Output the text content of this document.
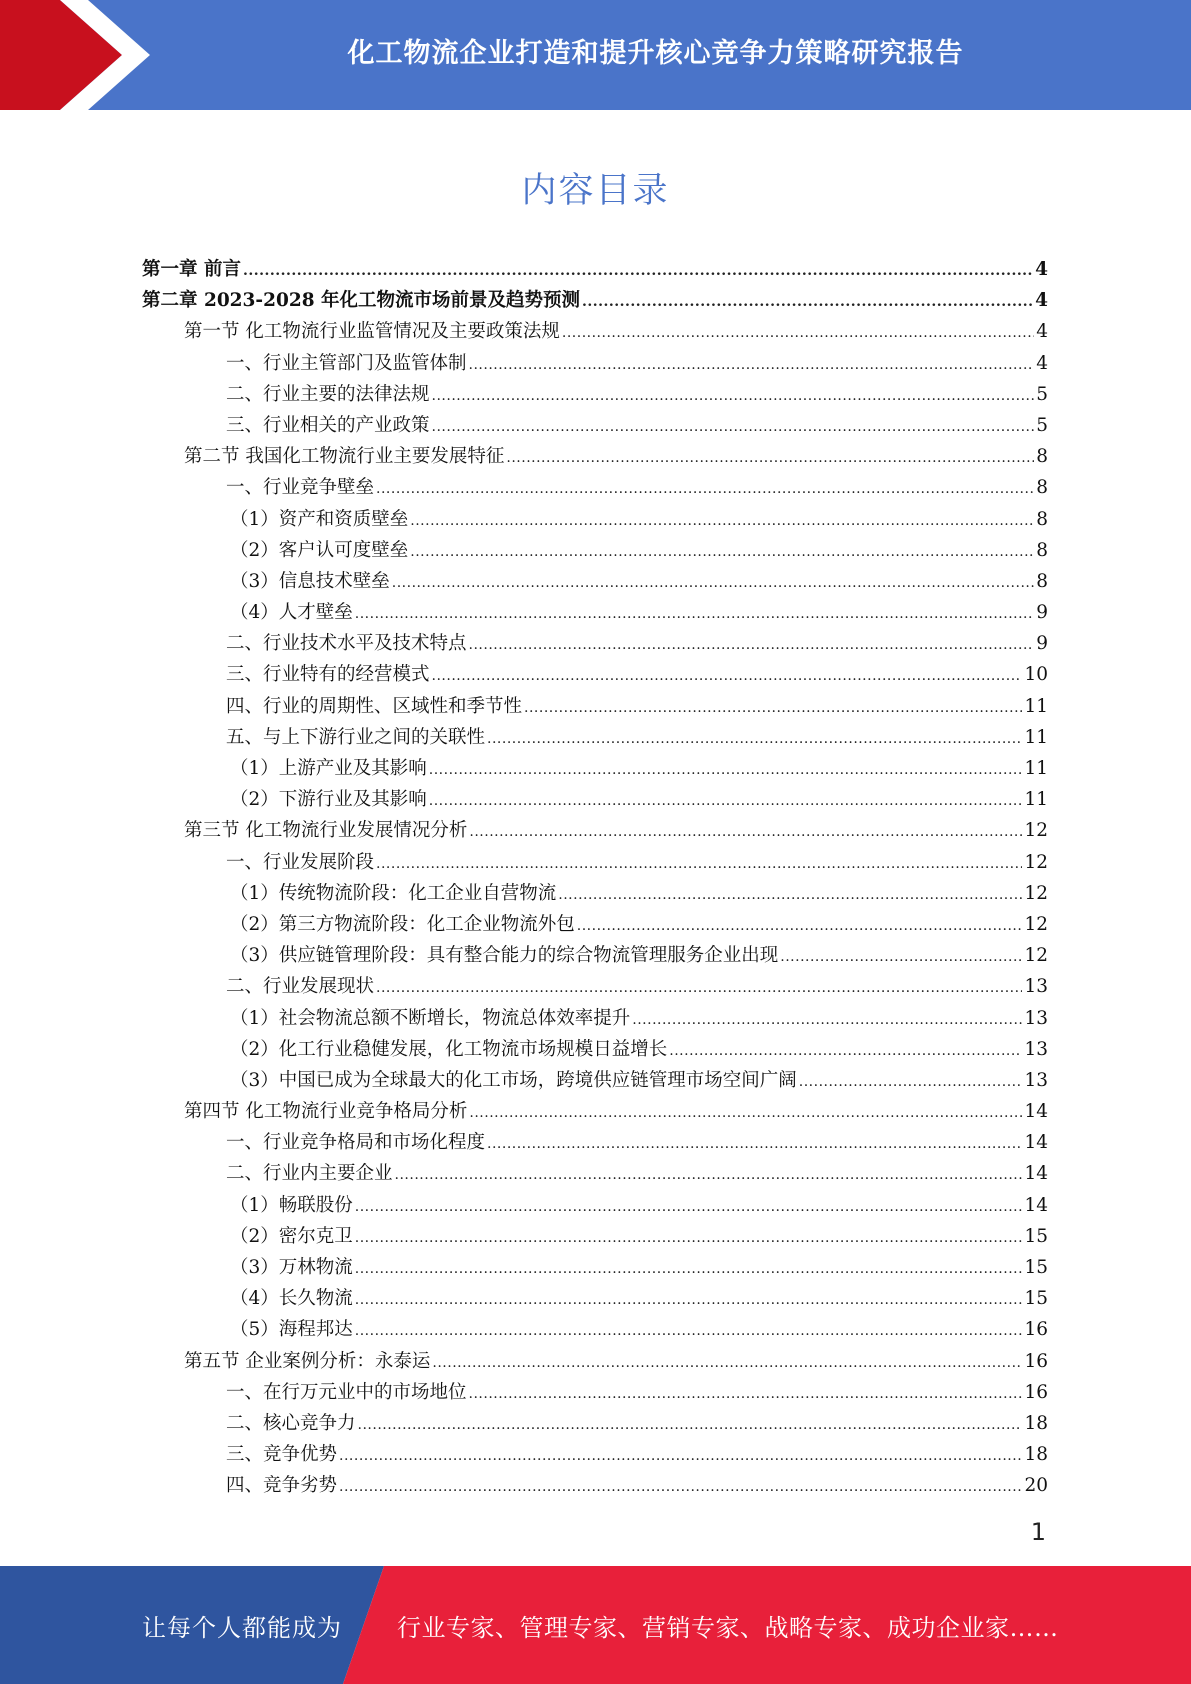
化工物流企业打造和提升核心竞争力策略研究报告
内容目录
第一章 前言 .....	4
第二章 2023-2028 年化工物流市场前景及趋势预测 .....	4
第一节 化工物流行业监管情况及主要政策法规 .....	4
一、行业主管部门及监管体制 .....	4
二、行业主要的法律法规 .....	5
三、行业相关的产业政策 .....	5
第二节 我国化工物流行业主要发展特征 .....	8
一、行业竞争壁垒 .....	8
（1）资产和资质壁垒 .....	8
（2）客户认可度壁垒 .....	8
（3）信息技术壁垒 .....	8
（4）人才壁垒 .....	9
二、行业技术水平及技术特点 .....	9
三、行业特有的经营模式 .....	10
四、行业的周期性、区域性和季节性 .....	11
五、与上下游行业之间的关联性 .....	11
（1）上游产业及其影响 .....	11
（2）下游行业及其影响 .....	11
第三节 化工物流行业发展情况分析 .....	12
一、行业发展阶段 .....	12
（1）传统物流阶段：化工企业自营物流 .....	12
（2）第三方物流阶段：化工企业物流外包 .....	12
（3）供应链管理阶段：具有整合能力的综合物流管理服务企业出现 .....	12
二、行业发展现状 .....	13
（1）社会物流总额不断增长，物流总体效率提升 .....	13
（2）化工行业稳健发展，化工物流市场规模日益增长 .....	13
（3）中国已成为全球最大的化工市场，跨境供应链管理市场空间广阔 .....	13
第四节 化工物流行业竞争格局分析 .....	14
一、行业竞争格局和市场化程度 .....	14
二、行业内主要企业 .....	14
（1）畅联股份 .....	14
（2）密尔克卫 .....	15
（3）万林物流 .....	15
（4）长久物流 .....	15
（5）海程邦达 .....	16
第五节 企业案例分析：永泰运 .....	16
一、在行万元业中的市场地位 .....	16
二、核心竞争力 .....	18
三、竞争优势 .....	18
四、竞争劣势 .....	20
1
让每个人都能成为 行业专家、管理专家、营销专家、战略专家、成功企业家……
